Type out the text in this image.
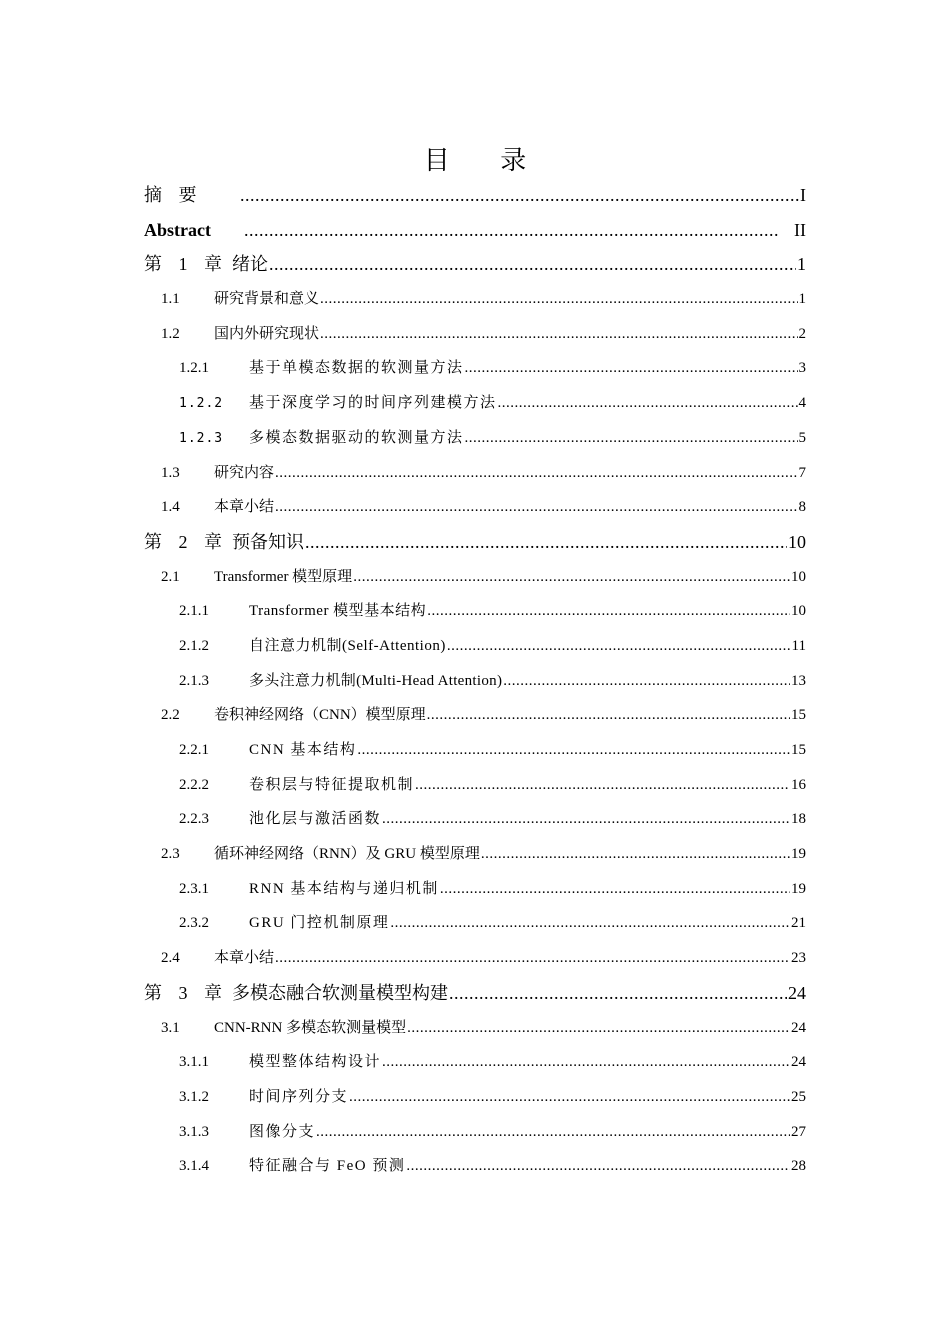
目 录
摘 要 .....	I
Abstract .....	II
第 1 章 绪论 .....	1
1.1	研究背景和意义 .....	1
1.2	国内外研究现状 .....	2
1.2.1	基于单模态数据的软测量方法 .....	3
1.2.2	基于深度学习的时间序列建模方法 .....	4
1.2.3	多模态数据驱动的软测量方法 .....	5
1.3	研究内容 .....	7
1.4	本章小结 .....	8
第 2 章 预备知识 .....	10
2.1	Transformer 模型原理 .....	10
2.1.1	Transformer 模型基本结构 .....	10
2.1.2	自注意力机制(Self-Attention) .....	11
2.1.3	多头注意力机制(Multi-Head Attention) .....	13
2.2	卷积神经网络（CNN）模型原理 .....	15
2.2.1	CNN 基本结构 .....	15
2.2.2	卷积层与特征提取机制 .....	16
2.2.3	池化层与激活函数 .....	18
2.3	循环神经网络（RNN）及 GRU 模型原理 .....	19
2.3.1	RNN 基本结构与递归机制 .....	19
2.3.2	GRU 门控机制原理 .....	21
2.4	本章小结 .....	23
第 3 章 多模态融合软测量模型构建 .....	24
3.1	CNN-RNN 多模态软测量模型 .....	24
3.1.1	模型整体结构设计 .....	24
3.1.2	时间序列分支 .....	25
3.1.3	图像分支 .....	27
3.1.4	特征融合与 FeO 预测 .....	28
